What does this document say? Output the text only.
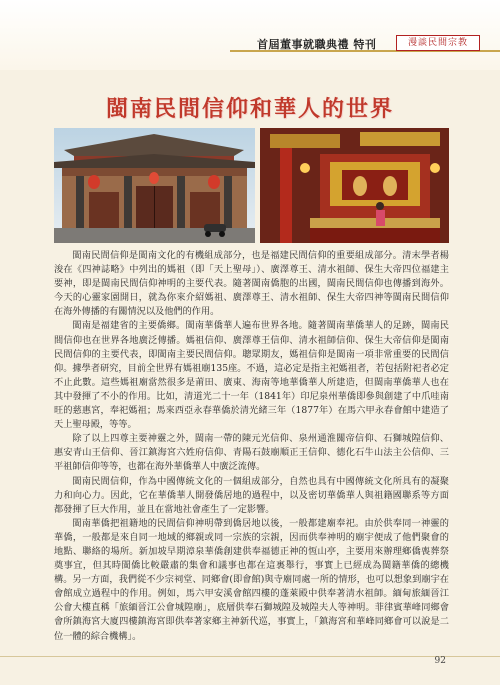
首屆董事就職典禮 特刊	漫談民間宗教
閩南民間信仰和華人的世界

閩南民間信仰是閩南文化的有機組成部分，也是福建民間信仰的重要組成部分。清末學者楊浚在《四神誌略》中列出的媽祖（即「天上聖母」）、廣澤尊王、清水祖師、保生大帝四位福建主要神，即是閩南民間信仰神明的主要代表。隨著閩南僑胞的出國，閩南民間信仰也傳播到海外。今天的心靈家園開日，就為你來介紹媽祖、廣澤尊王、清水祖師、保生大帝四神等閩南民間信仰在海外傳播的有關情況以及他們的作用。

閩南是福建省的主要僑鄉。閩南華僑華人遍布世界各地。隨著閩南華僑華人的足跡，閩南民間信仰也在世界各地廣泛傳播。媽祖信仰、廣澤尊王信仰、清水祖師信仰、保生大帝信仰是閩南民間信仰的主要代表，即閩南主要民間信仰。聰眾期友，媽祖信仰是閩南一項非常重要的民間信仰。據學者研究，目前全世界有媽祖廟135座。不過，這必定是指主祀媽祖者，若包括附祀者必定不止此數。這些媽祖廟當然很多是莆田、廣東、海南等地華僑華人所建造，但閩南華僑華人也在其中發揮了不小的作用。比如，清道光二十一年（1841年）印尼泉州華僑即參與創建了中爪哇南旺的慈惠宮，奉祀媽祖；馬來西亞永春華僑於清光緒三年（1877年）在馬六甲永春會館中建造了天上聖母殿，等等。

除了以上四尊主要神靈之外，閩南一帶的陳元光信仰、泉州通淮關帝信仰、石獅城隍信仰、惠安青山王信仰、晉江鎮海宮六姓府信仰、青陽石鼓廟順正王信仰、德化石牛山法主公信仰、三平祖師信仰等等，也都在海外華僑華人中廣泛流傳。

閩南民間信仰，作為中國傳統文化的一個組成部分，自然也具有中國傳統文化所具有的凝聚力和向心力。因此，它在華僑華人開發僑居地的過程中，以及密切華僑華人與祖籍國聯系等方面都發揮了巨大作用，並且在當地社會產生了一定影響。

閩南華僑把祖籍地的民間信仰神明帶到僑居地以後，一般都建廟奉祀。由於供奉同一神靈的華僑，一般都是來自同一地域的鄉親或同一宗族的宗親，因而供奉神明的廟宇便成了他們聚會的地點、聯絡的場所。新加坡早期漳泉華僑創建供奉福德正神的恆山亭，主要用來辦理鄉僑喪葬祭奠事宜，但其時閩僑比較嚴肅的集會和議事也都在這裏舉行，事實上已經成為閩籍華僑的總機構。另一方面，我們從不少宗祠堂、同鄉會(即會館)與寺廟同處一所的情形，也可以想象到廟宇在會館成立過程中的作用。例如，馬六甲安溪會館四樓的蓬萊殿中供奉著清水祖師。緬甸旅緬晉江公會大樓直稱「旅緬晉江公會城隍廟」，底層供奉石獅城隍及城隍夫人等神明。菲律賓華峰同鄉會會所鎮海宮大廈四樓鎮海宮即供奉著家鄉主神新代巡，事實上，「鎮海宮和華峰同鄉會可以說是二位一體的綜合機構」。

92
